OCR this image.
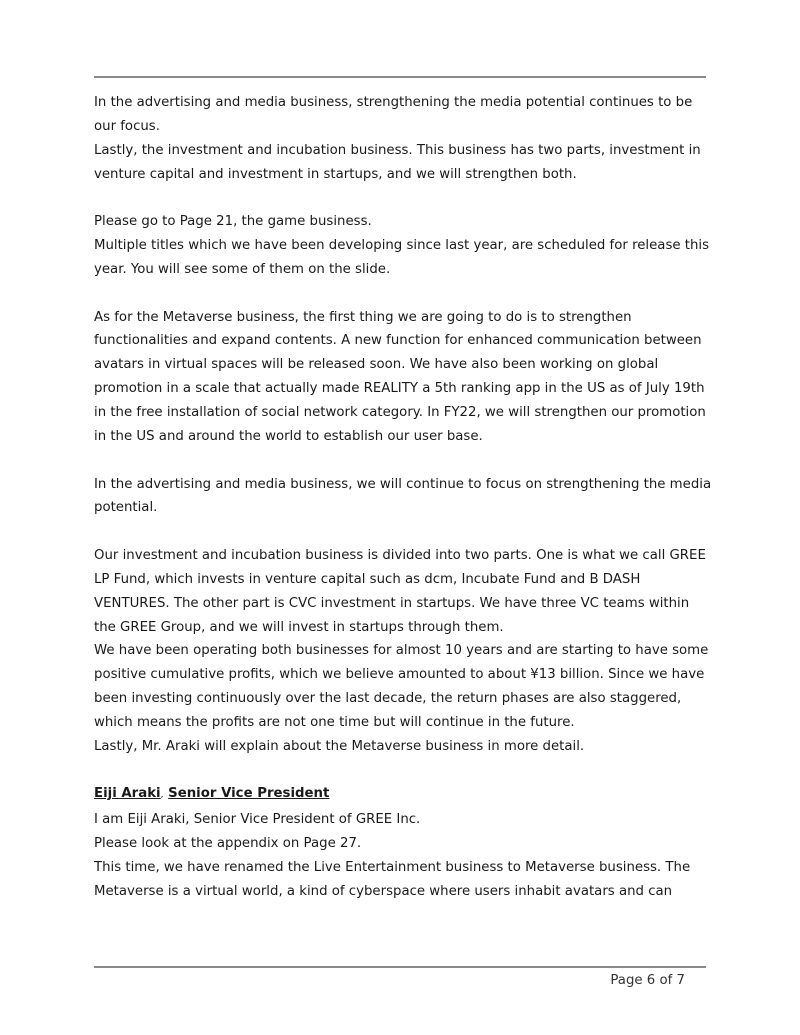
In the advertising and media business, strengthening the media potential continues to be our focus.

Lastly, the investment and incubation business. This business has two parts, investment in venture capital and investment in startups, and we will strengthen both.

Please go to Page 21, the game business.

Multiple titles which we have been developing since last year, are scheduled for release this year. You will see some of them on the slide.

As for the Metaverse business, the first thing we are going to do is to strengthen functionalities and expand contents. A new function for enhanced communication between avatars in virtual spaces will be released soon. We have also been working on global promotion in a scale that actually made REALITY a 5th ranking app in the US as of July 19th in the free installation of social network category. In FY22, we will strengthen our promotion in the US and around the world to establish our user base.

In the advertising and media business, we will continue to focus on strengthening the media potential.

Our investment and incubation business is divided into two parts. One is what we call GREE LP Fund, which invests in venture capital such as dcm, Incubate Fund and B DASH VENTURES. The other part is CVC investment in startups. We have three VC teams within the GREE Group, and we will invest in startups through them.

We have been operating both businesses for almost 10 years and are starting to have some positive cumulative profits, which we believe amounted to about ¥13 billion. Since we have been investing continuously over the last decade, the return phases are also staggered, which means the profits are not one time but will continue in the future.

Lastly, Mr. Araki will explain about the Metaverse business in more detail.

Eiji Araki, Senior Vice President

I am Eiji Araki, Senior Vice President of GREE Inc.

Please look at the appendix on Page 27.

This time, we have renamed the Live Entertainment business to Metaverse business. The Metaverse is a virtual world, a kind of cyberspace where users inhabit avatars and can

Page 6 of 7
